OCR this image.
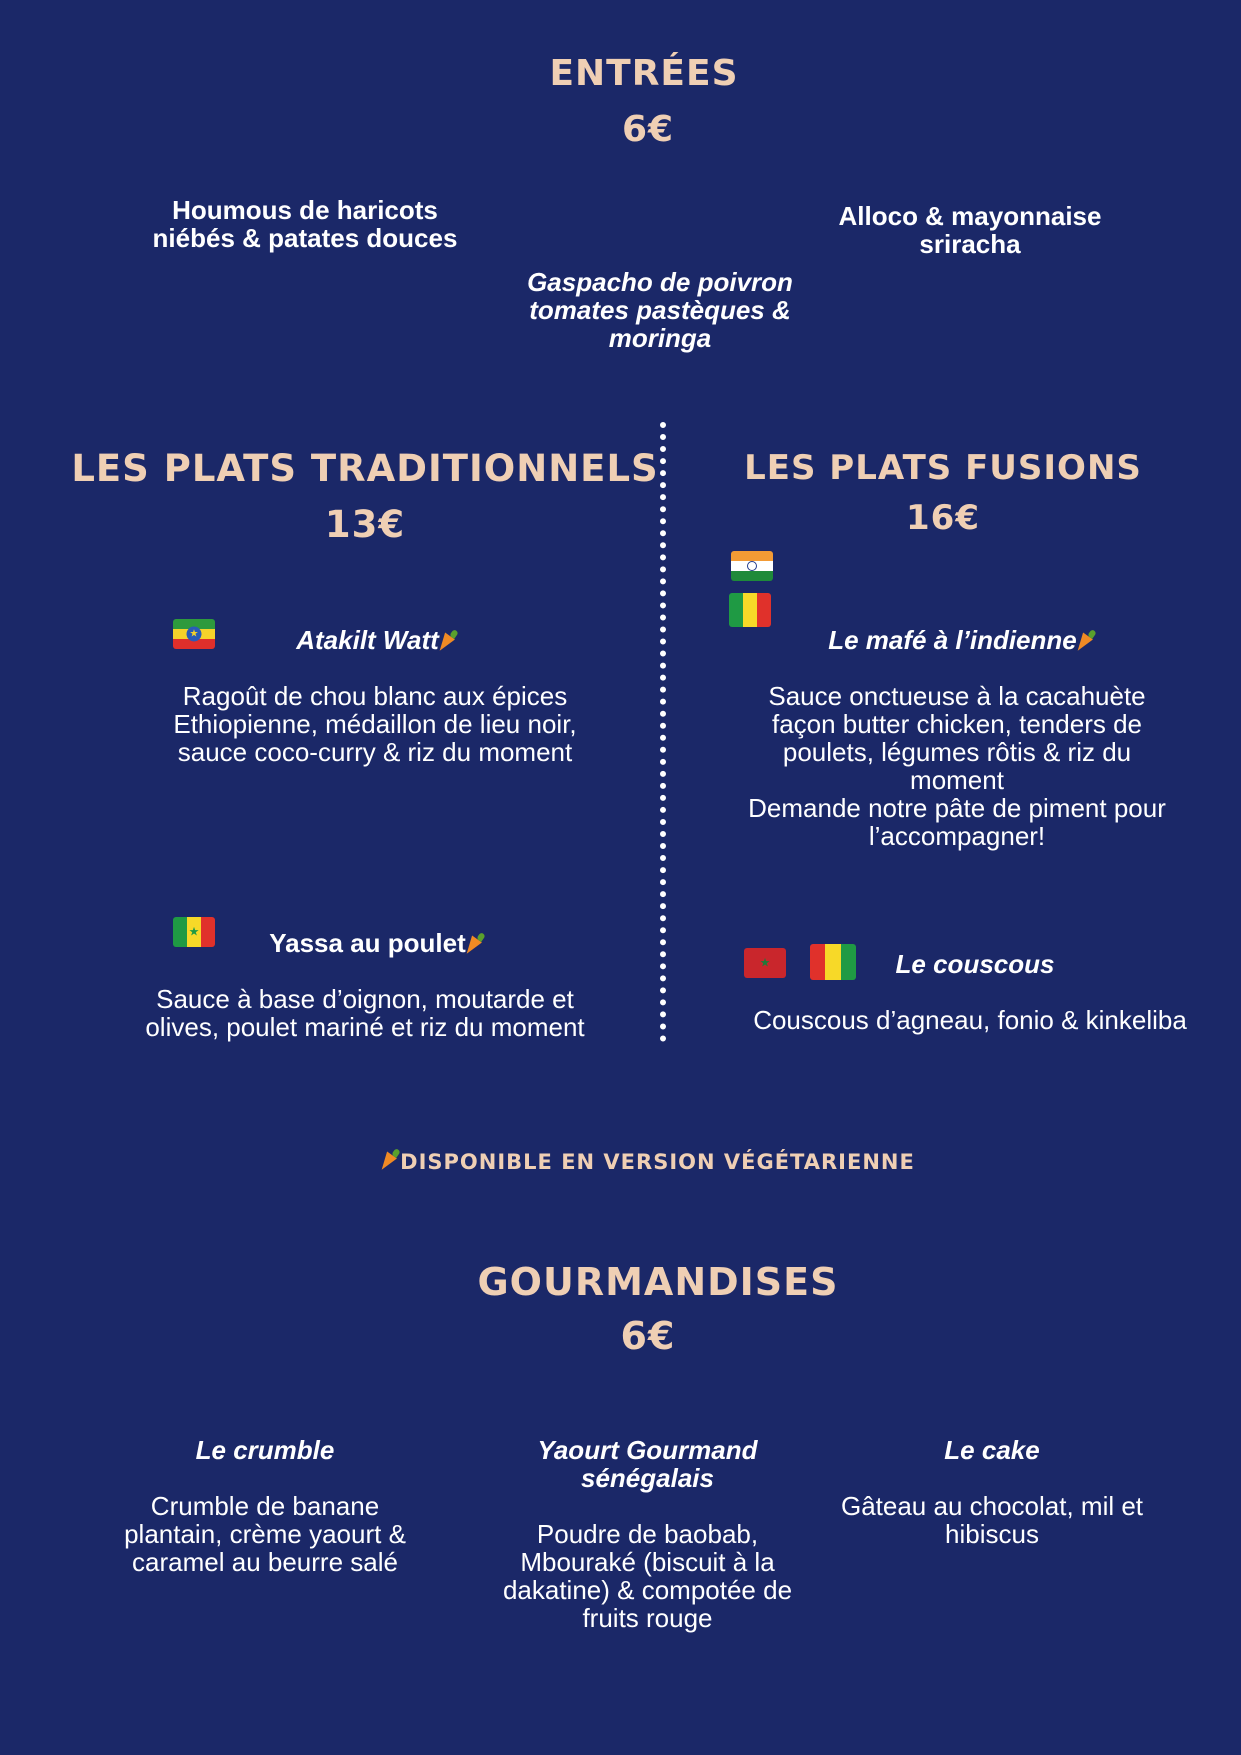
ENTRÉES
6€
Houmous de haricots niébés & patates douces
Gaspacho de poivron tomates pastèques & moringa
Alloco & mayonnaise sriracha
LES PLATS TRADITIONNELS
13€
★	Atakilt Watt
Ragoût de chou blanc aux épices Ethiopienne, médaillon de lieu noir, sauce coco-curry & riz du moment
★	Yassa au poulet
Sauce à base d’oignon, moutarde et olives, poulet mariné et riz du moment
LES PLATS FUSIONS
16€
Le mafé à l’indienne
Sauce onctueuse à la cacahuète façon butter chicken, tenders de poulets, légumes rôtis & riz du moment
Demande notre pâte de piment pour l’accompagner!
★	Le couscous
Couscous d’agneau, fonio & kinkeliba
DISPONIBLE EN VERSION VÉGÉTARIENNE
GOURMANDISES
6€
Le crumble
Crumble de banane plantain, crème yaourt & caramel au beurre salé
Yaourt Gourmand sénégalais
Poudre de baobab, Mbouraké (biscuit à la dakatine) & compotée de fruits rouge
Le cake
Gâteau au chocolat, mil et hibiscus
